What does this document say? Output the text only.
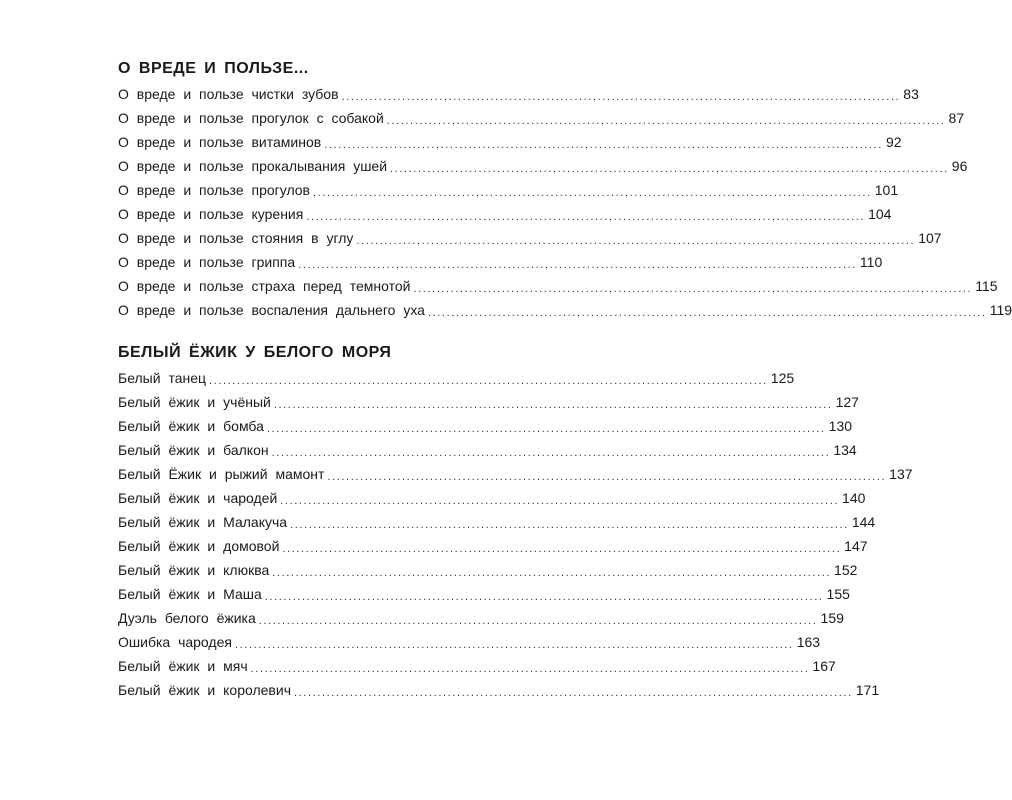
О ВРЕДЕ И ПОЛЬЗЕ...
О вреде и пользе чистки зубов ........................................................................................................................ 83
О вреде и пользе прогулок с собакой ........................................................................................................................ 87
О вреде и пользе витаминов ........................................................................................................................ 92
О вреде и пользе прокалывания ушей ........................................................................................................................ 96
О вреде и пользе прогулов ........................................................................................................................ 101
О вреде и пользе курения ........................................................................................................................ 104
О вреде и пользе стояния в углу ........................................................................................................................ 107
О вреде и пользе гриппа ........................................................................................................................ 110
О вреде и пользе страха перед темнотой ........................................................................................................................ 115
О вреде и пользе воспаления дальнего уха ........................................................................................................................ 119
БЕЛЫЙ ЁЖИК У БЕЛОГО МОРЯ
Белый танец ........................................................................................................................ 125
Белый ёжик и учёный ........................................................................................................................ 127
Белый ёжик и бомба ........................................................................................................................ 130
Белый ёжик и балкон ........................................................................................................................ 134
Белый Ёжик и рыжий мамонт ........................................................................................................................ 137
Белый ёжик и чародей ........................................................................................................................ 140
Белый ёжик и Малакуча ........................................................................................................................ 144
Белый ёжик и домовой ........................................................................................................................ 147
Белый ёжик и клюква ........................................................................................................................ 152
Белый ёжик и Маша ........................................................................................................................ 155
Дуэль белого ёжика ........................................................................................................................ 159
Ошибка чародея ........................................................................................................................ 163
Белый ёжик и мяч ........................................................................................................................ 167
Белый ёжик и королевич ........................................................................................................................ 171
